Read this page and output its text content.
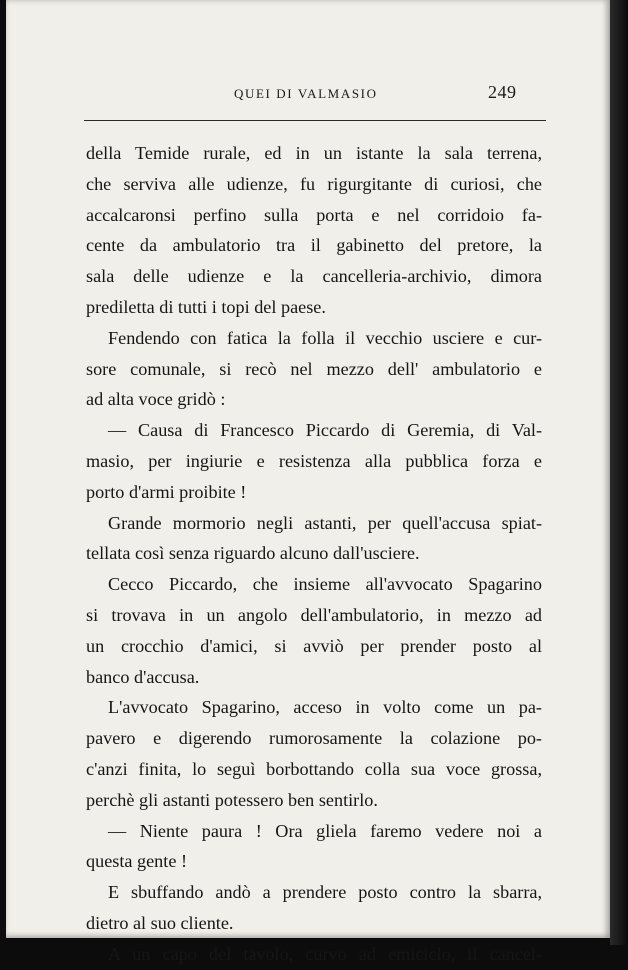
QUEI DI VALMASIO	249
della Temide rurale, ed in un istante la sala terrena,
che serviva alle udienze, fu rigurgitante di curiosi, che
accalcaronsi perfino sulla porta e nel corridoio fa-
cente da ambulatorio tra il gabinetto del pretore, la
sala delle udienze e la cancelleria-archivio, dimora
prediletta di tutti i topi del paese.
Fendendo con fatica la folla il vecchio usciere e cur-
sore comunale, si recò nel mezzo dell' ambulatorio e
ad alta voce gridò :
— Causa di Francesco Piccardo di Geremia, di Val-
masio, per ingiurie e resistenza alla pubblica forza e
porto d'armi proibite !
Grande mormorio negli astanti, per quell'accusa spiat-
tellata così senza riguardo alcuno dall'usciere.
Cecco Piccardo, che insieme all'avvocato Spagarino
si trovava in un angolo dell'ambulatorio, in mezzo ad
un crocchio d'amici, si avviò per prender posto al
banco d'accusa.
L'avvocato Spagarino, acceso in volto come un pa-
pavero e digerendo rumorosamente la colazione po-
c'anzi finita, lo seguì borbottando colla sua voce grossa,
perchè gli astanti potessero ben sentirlo.
— Niente paura ! Ora gliela faremo vedere noi a
questa gente !
E sbuffando andò a prendere posto contro la sbarra,
dietro al suo cliente.
A un capo del tavolo, curvo ad emiciclo, il cancel-
